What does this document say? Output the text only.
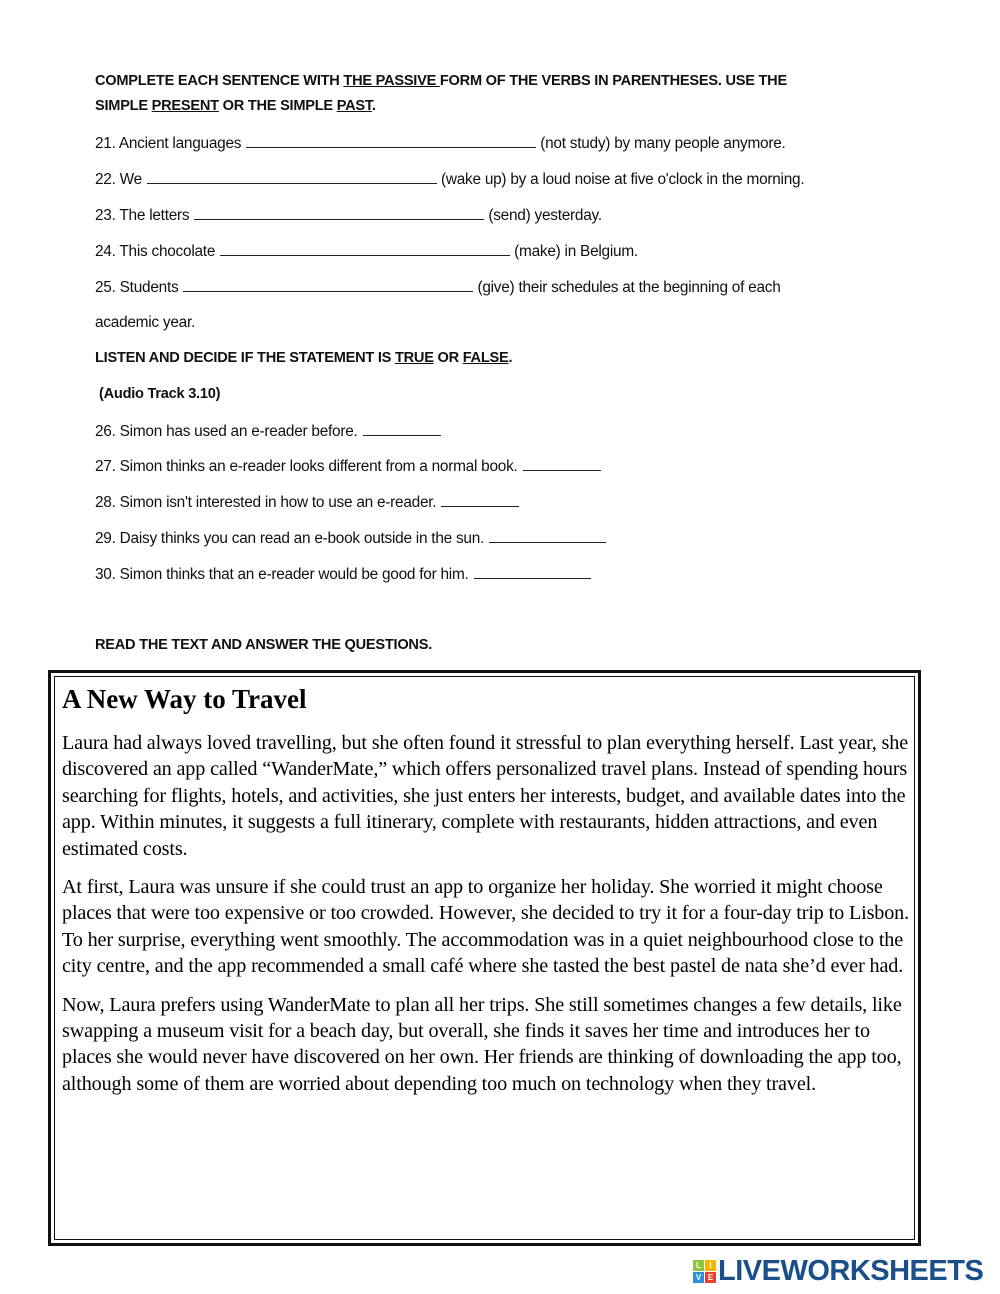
COMPLETE EACH SENTENCE WITH THE PASSIVE FORM OF THE VERBS IN PARENTHESES. USE THE
SIMPLE PRESENT OR THE SIMPLE PAST.
21. Ancient languages	(not study) by many people anymore.
22. We	(wake up) by a loud noise at five o'clock in the morning.
23. The letters	(send) yesterday.
24. This chocolate	(make) in Belgium.
25. Students	(give) their schedules at the beginning of each
academic year.
LISTEN AND DECIDE IF THE STATEMENT IS TRUE OR FALSE.
(Audio Track 3.10)
26. Simon has used an e-reader before.
27. Simon thinks an e-reader looks different from a normal book.
28. Simon isn't interested in how to use an e-reader.
29. Daisy thinks you can read an e-book outside in the sun.
30. Simon thinks that an e-reader would be good for him.
READ THE TEXT AND ANSWER THE QUESTIONS.
A New Way to Travel

Laura had always loved travelling, but she often found it stressful to plan everything herself. Last year, she discovered an app called “WanderMate,” which offers personalized travel plans. Instead of spending hours searching for flights, hotels, and activities, she just enters her interests, budget, and available dates into the app. Within minutes, it suggests a full itinerary, complete with restaurants, hidden attractions, and even estimated costs.

At first, Laura was unsure if she could trust an app to organize her holiday. She worried it might choose places that were too expensive or too crowded. However, she decided to try it for a four-day trip to Lisbon. To her surprise, everything went smoothly. The accommodation was in a quiet neighbourhood close to the city centre, and the app recommended a small café where she tasted the best pastel de nata she’d ever had.

Now, Laura prefers using WanderMate to plan all her trips. She still sometimes changes a few details, like swapping a museum visit for a beach day, but overall, she finds it saves her time and introduces her to places she would never have discovered on her own. Her friends are thinking of downloading the app too, although some of them are worried about depending too much on technology when they travel.

L	I
V E LIVEWORKSHEETS
